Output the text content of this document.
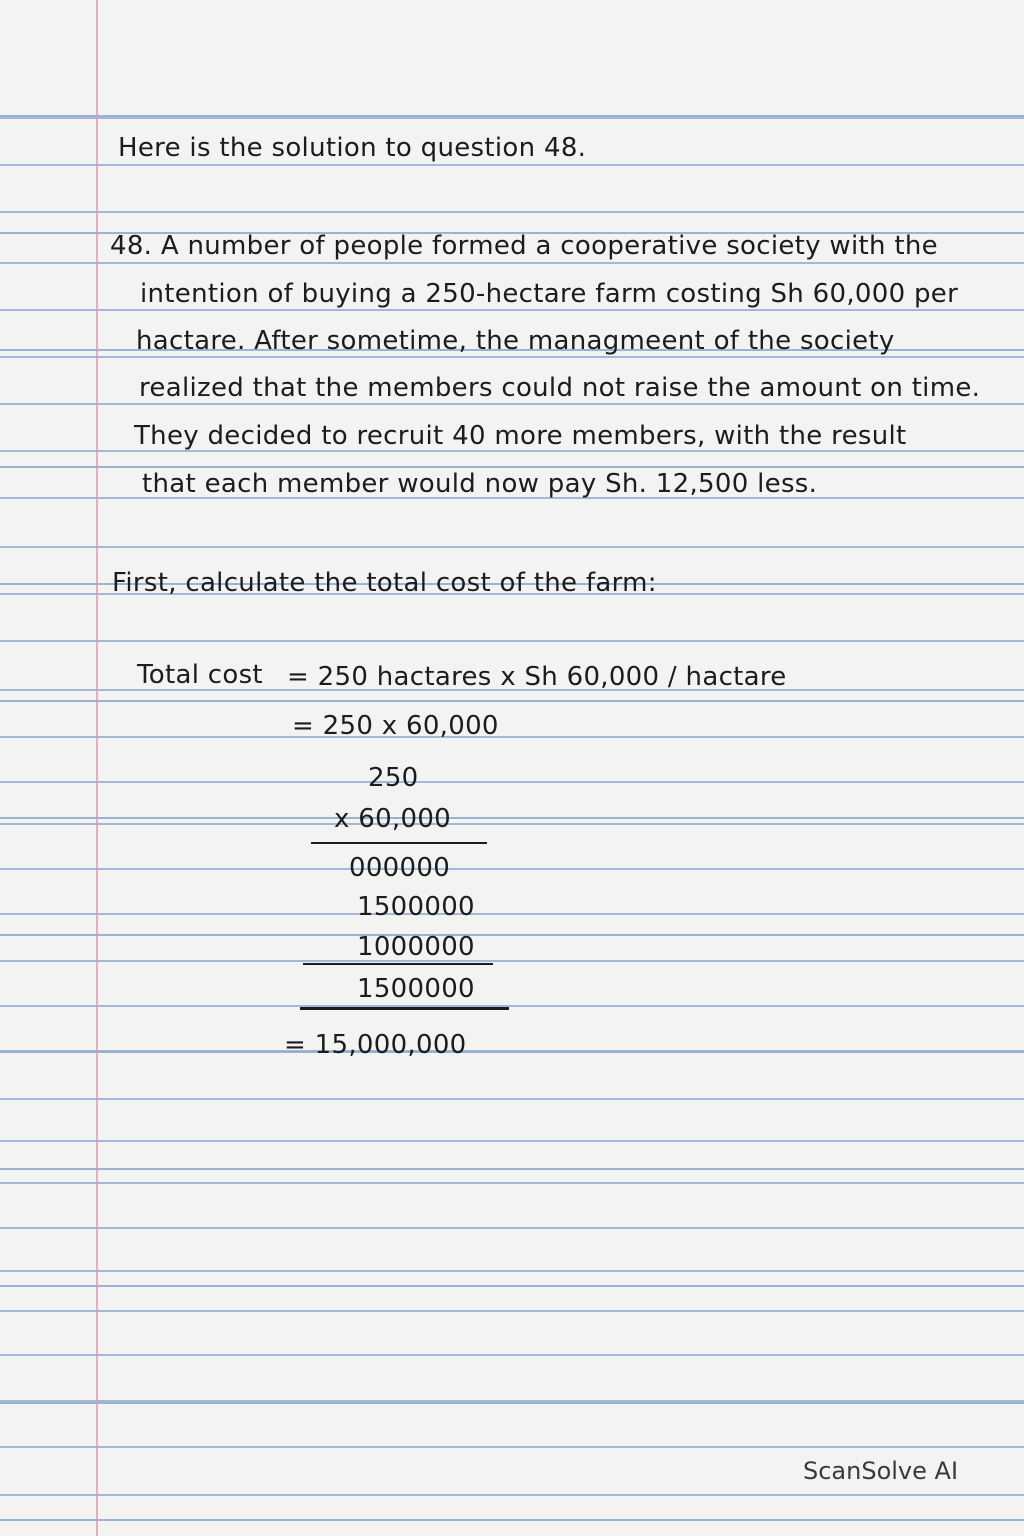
Here is the solution to question 48.
48. A number of people formed a cooperative society with the
intention of buying a 250-hectare farm costing Sh 60,000 per
hactare. After sometime, the managmeent of the society
realized that the members could not raise the amount on time.
They decided to recruit 40 more members, with the result
that each member would now pay Sh. 12,500 less.
First, calculate the total cost of the farm:
Total cost = 250 hactares x Sh 60,000 / hactare
= 250 x 60,000
250
x 60,000
000000
1500000
1000000
1500000
= 15,000,000
ScanSolve AI
